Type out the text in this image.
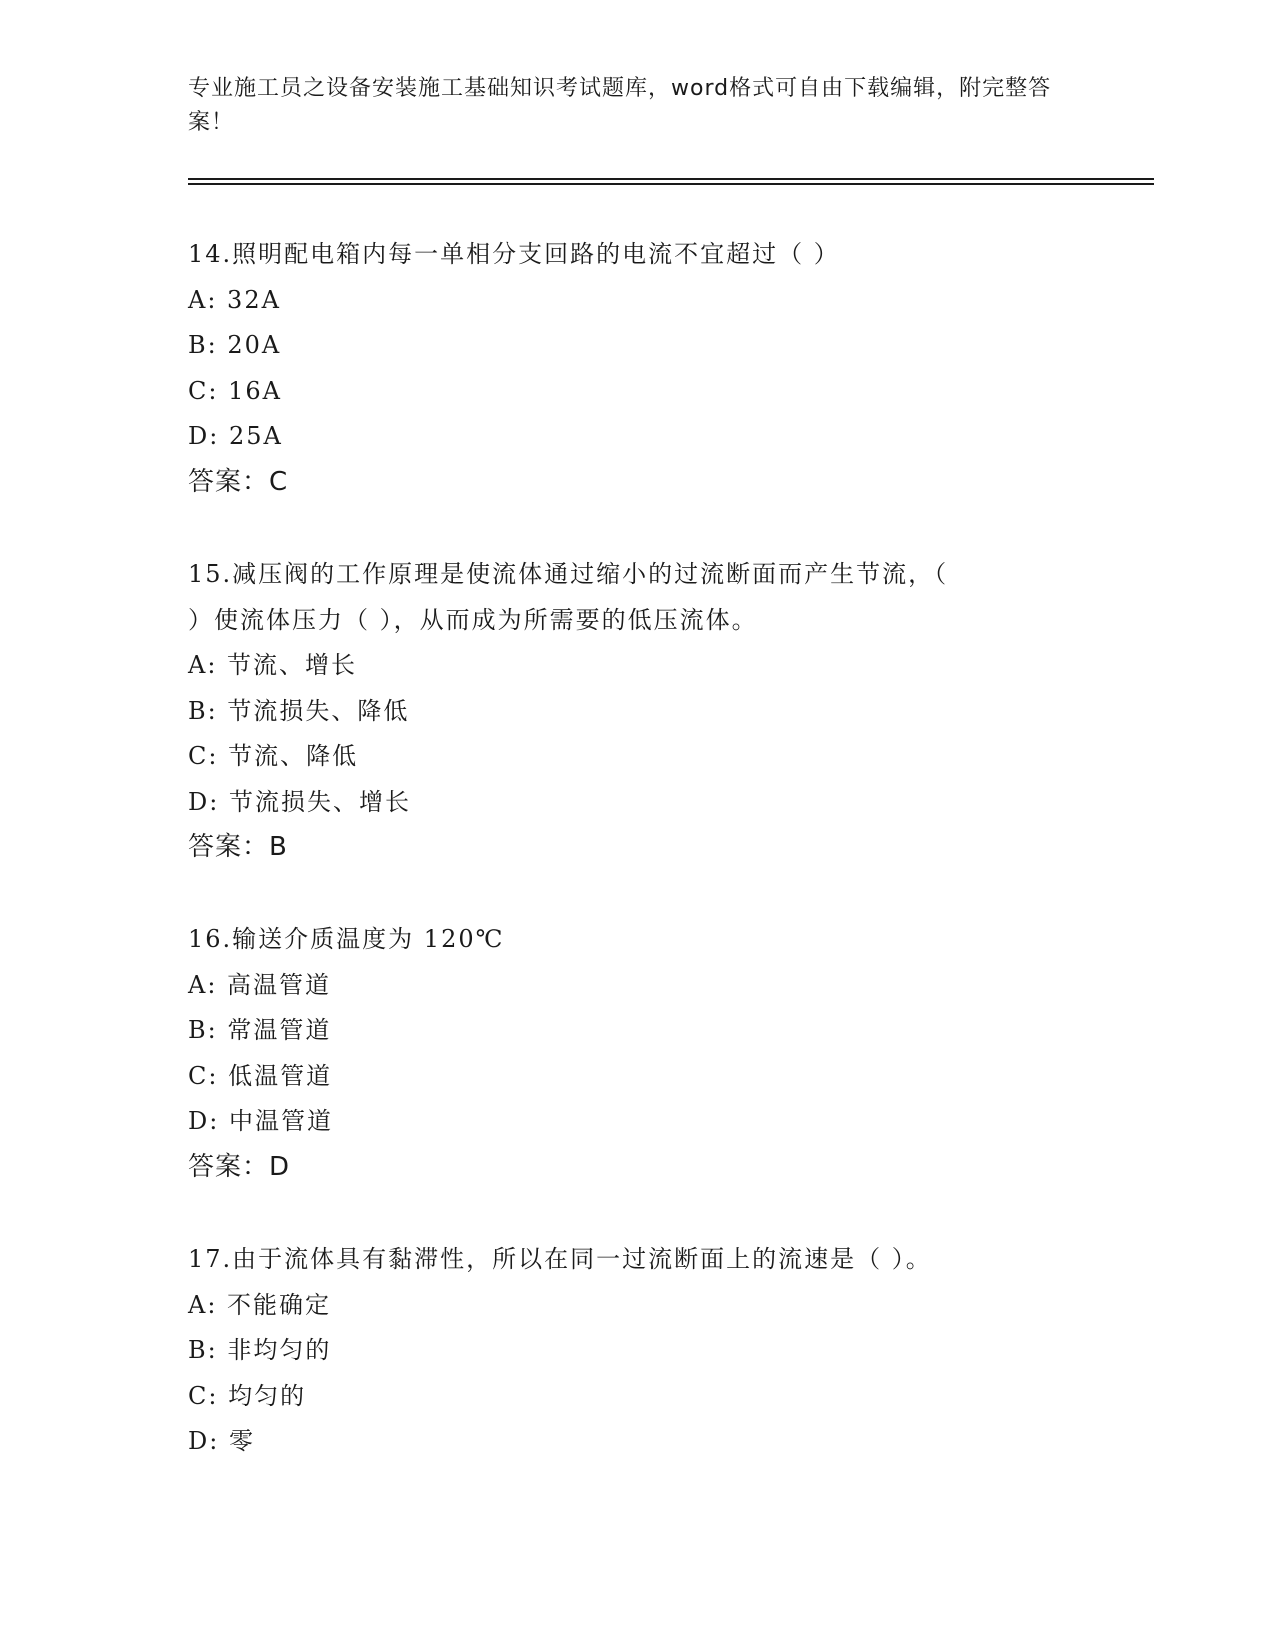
专业施工员之设备安装施工基础知识考试题库，word格式可自由下载编辑，附完整答案！
14.照明配电箱内每一单相分支回路的电流不宜超过（ ）
A: 32A
B: 20A
C: 16A
D: 25A
答案：C
15.减压阀的工作原理是使流体通过缩小的过流断面而产生节流，（
）使流体压力（ ），从而成为所需要的低压流体。
A: 节流、增长
B: 节流损失、降低
C: 节流、降低
D: 节流损失、增长
答案：B
16.输送介质温度为 120℃
A: 高温管道
B: 常温管道
C: 低温管道
D: 中温管道
答案：D
17.由于流体具有黏滞性，所以在同一过流断面上的流速是（ ）。
A: 不能确定
B: 非均匀的
C: 均匀的
D: 零
